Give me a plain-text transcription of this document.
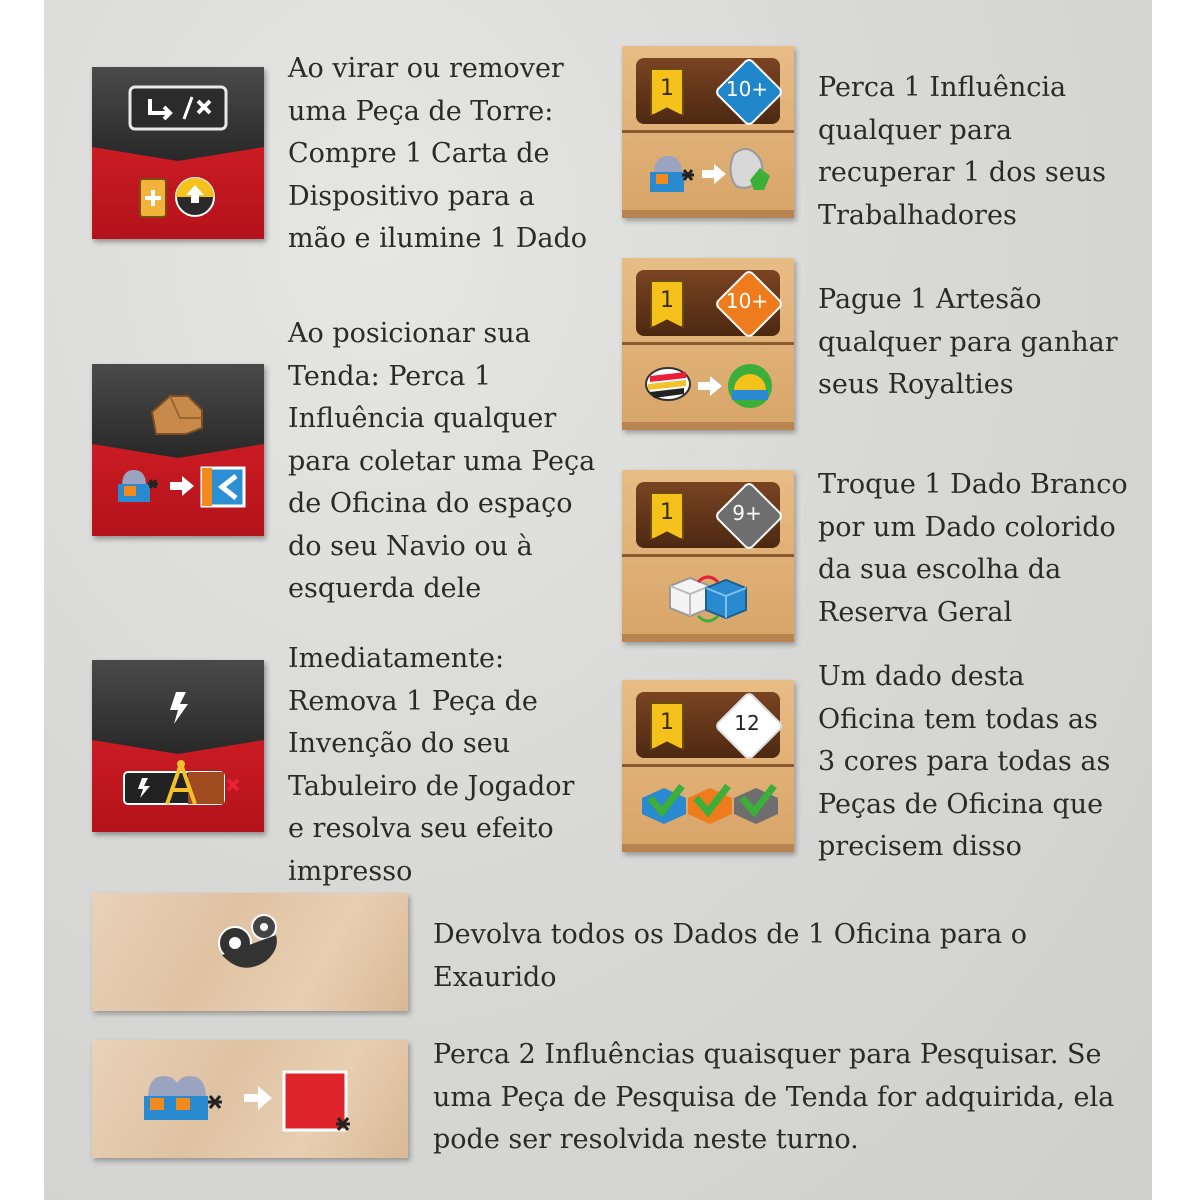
Ao virar ou remover
uma Peça de Torre:
Compre 1 Carta de
Dispositivo para a
mão e ilumine 1 Dado

Ao posicionar sua
Tenda: Perca 1
Influência qualquer
para coletar uma Peça
de Oficina do espaço
do seu Navio ou à
esquerda dele

Imediatamente:
Remova 1 Peça de
Invenção do seu
Tabuleiro de Jogador
e resolva seu efeito
impresso

1	10+	Perca 1 Influência
qualquer para
recuperar 1 dos seus
Trabalhadores

1	10+	Pague 1 Artesão
qualquer para ganhar
seus Royalties

1	9+

Troque 1 Dado Branco
por um Dado colorido
da sua escolha da
Reserva Geral

1	12

Um dado desta
Oficina tem todas as
3 cores para todas as
Peças de Oficina que
precisem disso

Devolva todos os Dados de 1 Oficina para o
Exaurido

Perca 2 Influências quaisquer para Pesquisar. Se
uma Peça de Pesquisa de Tenda for adquirida, ela
pode ser resolvida neste turno.
